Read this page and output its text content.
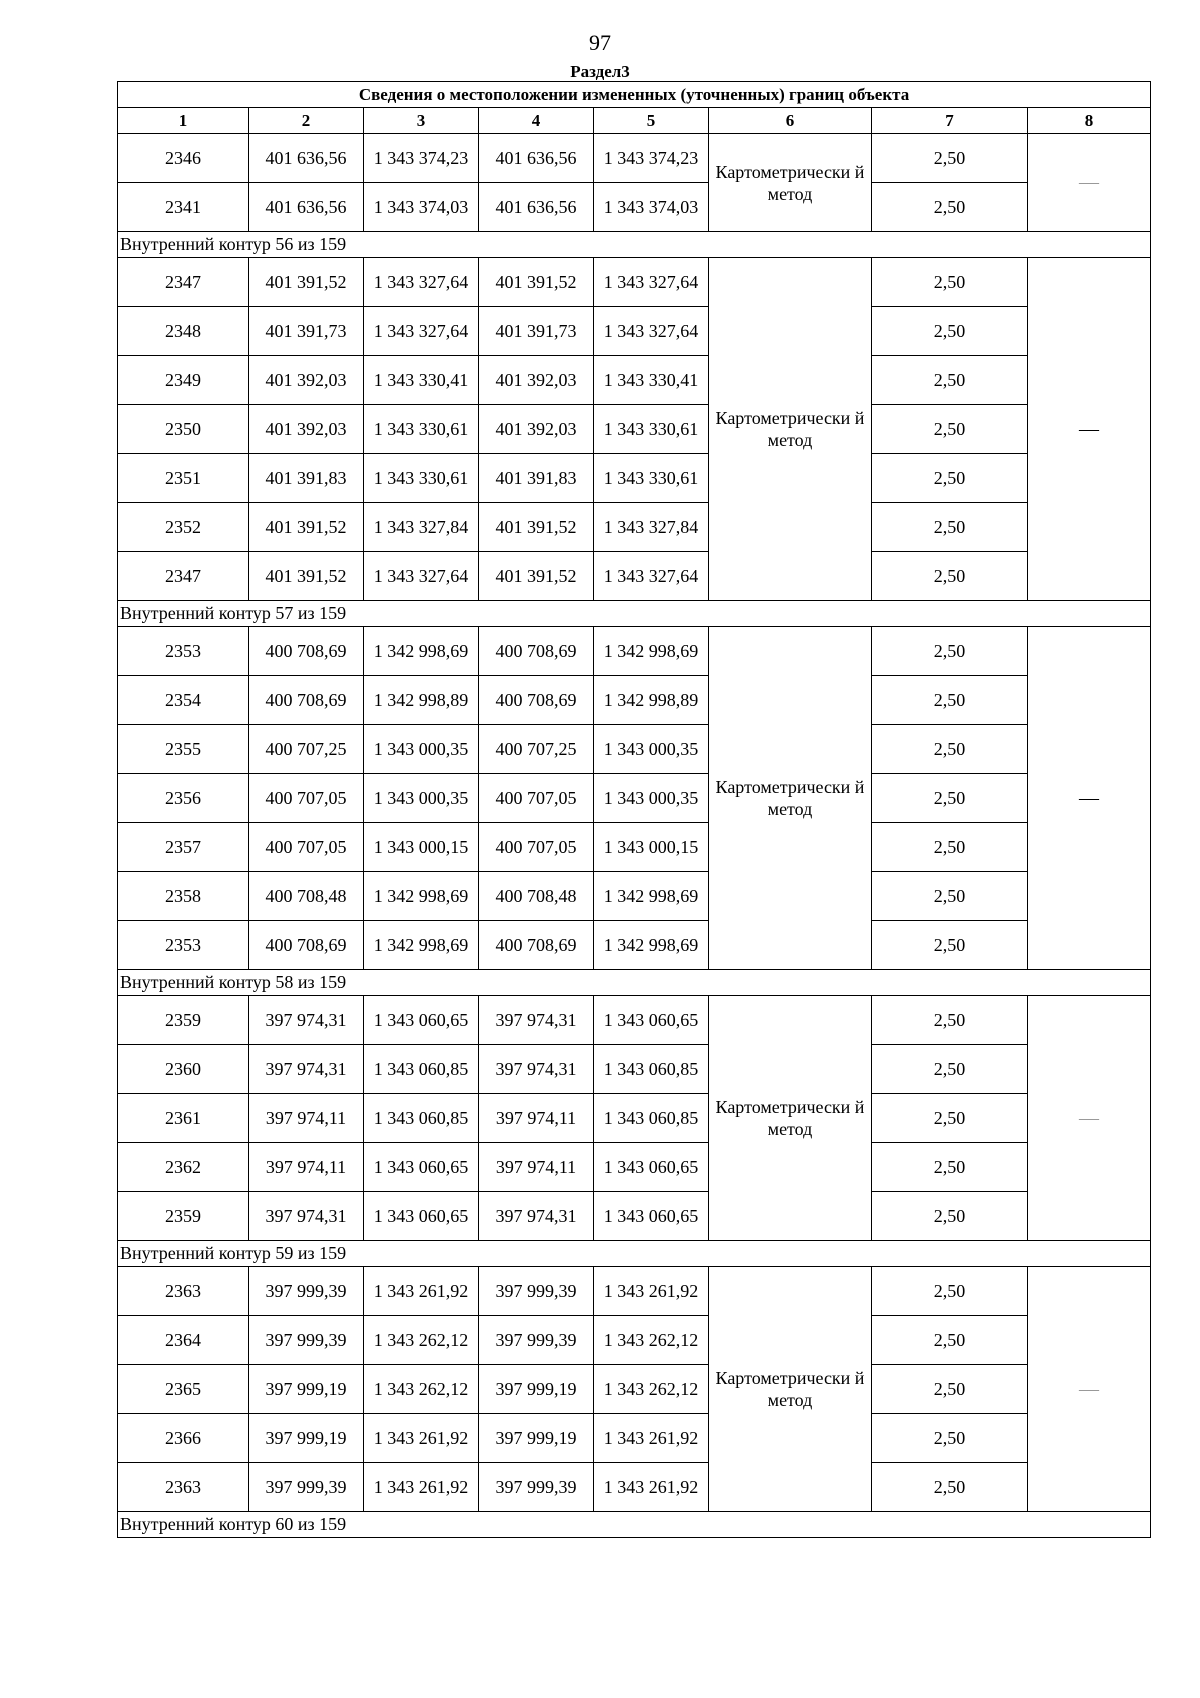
97
Раздел3
Сведения о местоположении измененных (уточненных) границ объекта							
1	2	3	4	5	6	7	8
2346	401 636,56	1 343 374,23	401 636,56	1 343 374,23	Картометрически й метод	2,50	—
2341	401 636,56	1 343 374,03	401 636,56	1 343 374,03		2,50	
Внутренний контур 56 из 159							
2347	401 391,52	1 343 327,64	401 391,52	1 343 327,64	Картометрически й метод	2,50	—
2348	401 391,73	1 343 327,64	401 391,73	1 343 327,64		2,50	
2349	401 392,03	1 343 330,41	401 392,03	1 343 330,41		2,50	
2350	401 392,03	1 343 330,61	401 392,03	1 343 330,61		2,50	
2351	401 391,83	1 343 330,61	401 391,83	1 343 330,61		2,50	
2352	401 391,52	1 343 327,84	401 391,52	1 343 327,84		2,50	
2347	401 391,52	1 343 327,64	401 391,52	1 343 327,64		2,50	
Внутренний контур 57 из 159							
2353	400 708,69	1 342 998,69	400 708,69	1 342 998,69	Картометрически й метод	2,50	—
2354	400 708,69	1 342 998,89	400 708,69	1 342 998,89		2,50	
2355	400 707,25	1 343 000,35	400 707,25	1 343 000,35		2,50	
2356	400 707,05	1 343 000,35	400 707,05	1 343 000,35		2,50	
2357	400 707,05	1 343 000,15	400 707,05	1 343 000,15		2,50	
2358	400 708,48	1 342 998,69	400 708,48	1 342 998,69		2,50	
2353	400 708,69	1 342 998,69	400 708,69	1 342 998,69		2,50	
Внутренний контур 58 из 159							
2359	397 974,31	1 343 060,65	397 974,31	1 343 060,65	Картометрически й метод	2,50	—
2360	397 974,31	1 343 060,85	397 974,31	1 343 060,85		2,50	
2361	397 974,11	1 343 060,85	397 974,11	1 343 060,85		2,50	
2362	397 974,11	1 343 060,65	397 974,11	1 343 060,65		2,50	
2359	397 974,31	1 343 060,65	397 974,31	1 343 060,65		2,50	
Внутренний контур 59 из 159							
2363	397 999,39	1 343 261,92	397 999,39	1 343 261,92	Картометрически й метод	2,50	—
2364	397 999,39	1 343 262,12	397 999,39	1 343 262,12		2,50	
2365	397 999,19	1 343 262,12	397 999,19	1 343 262,12		2,50	
2366	397 999,19	1 343 261,92	397 999,19	1 343 261,92		2,50	
2363	397 999,39	1 343 261,92	397 999,39	1 343 261,92		2,50	
Внутренний контур 60 из 159							
